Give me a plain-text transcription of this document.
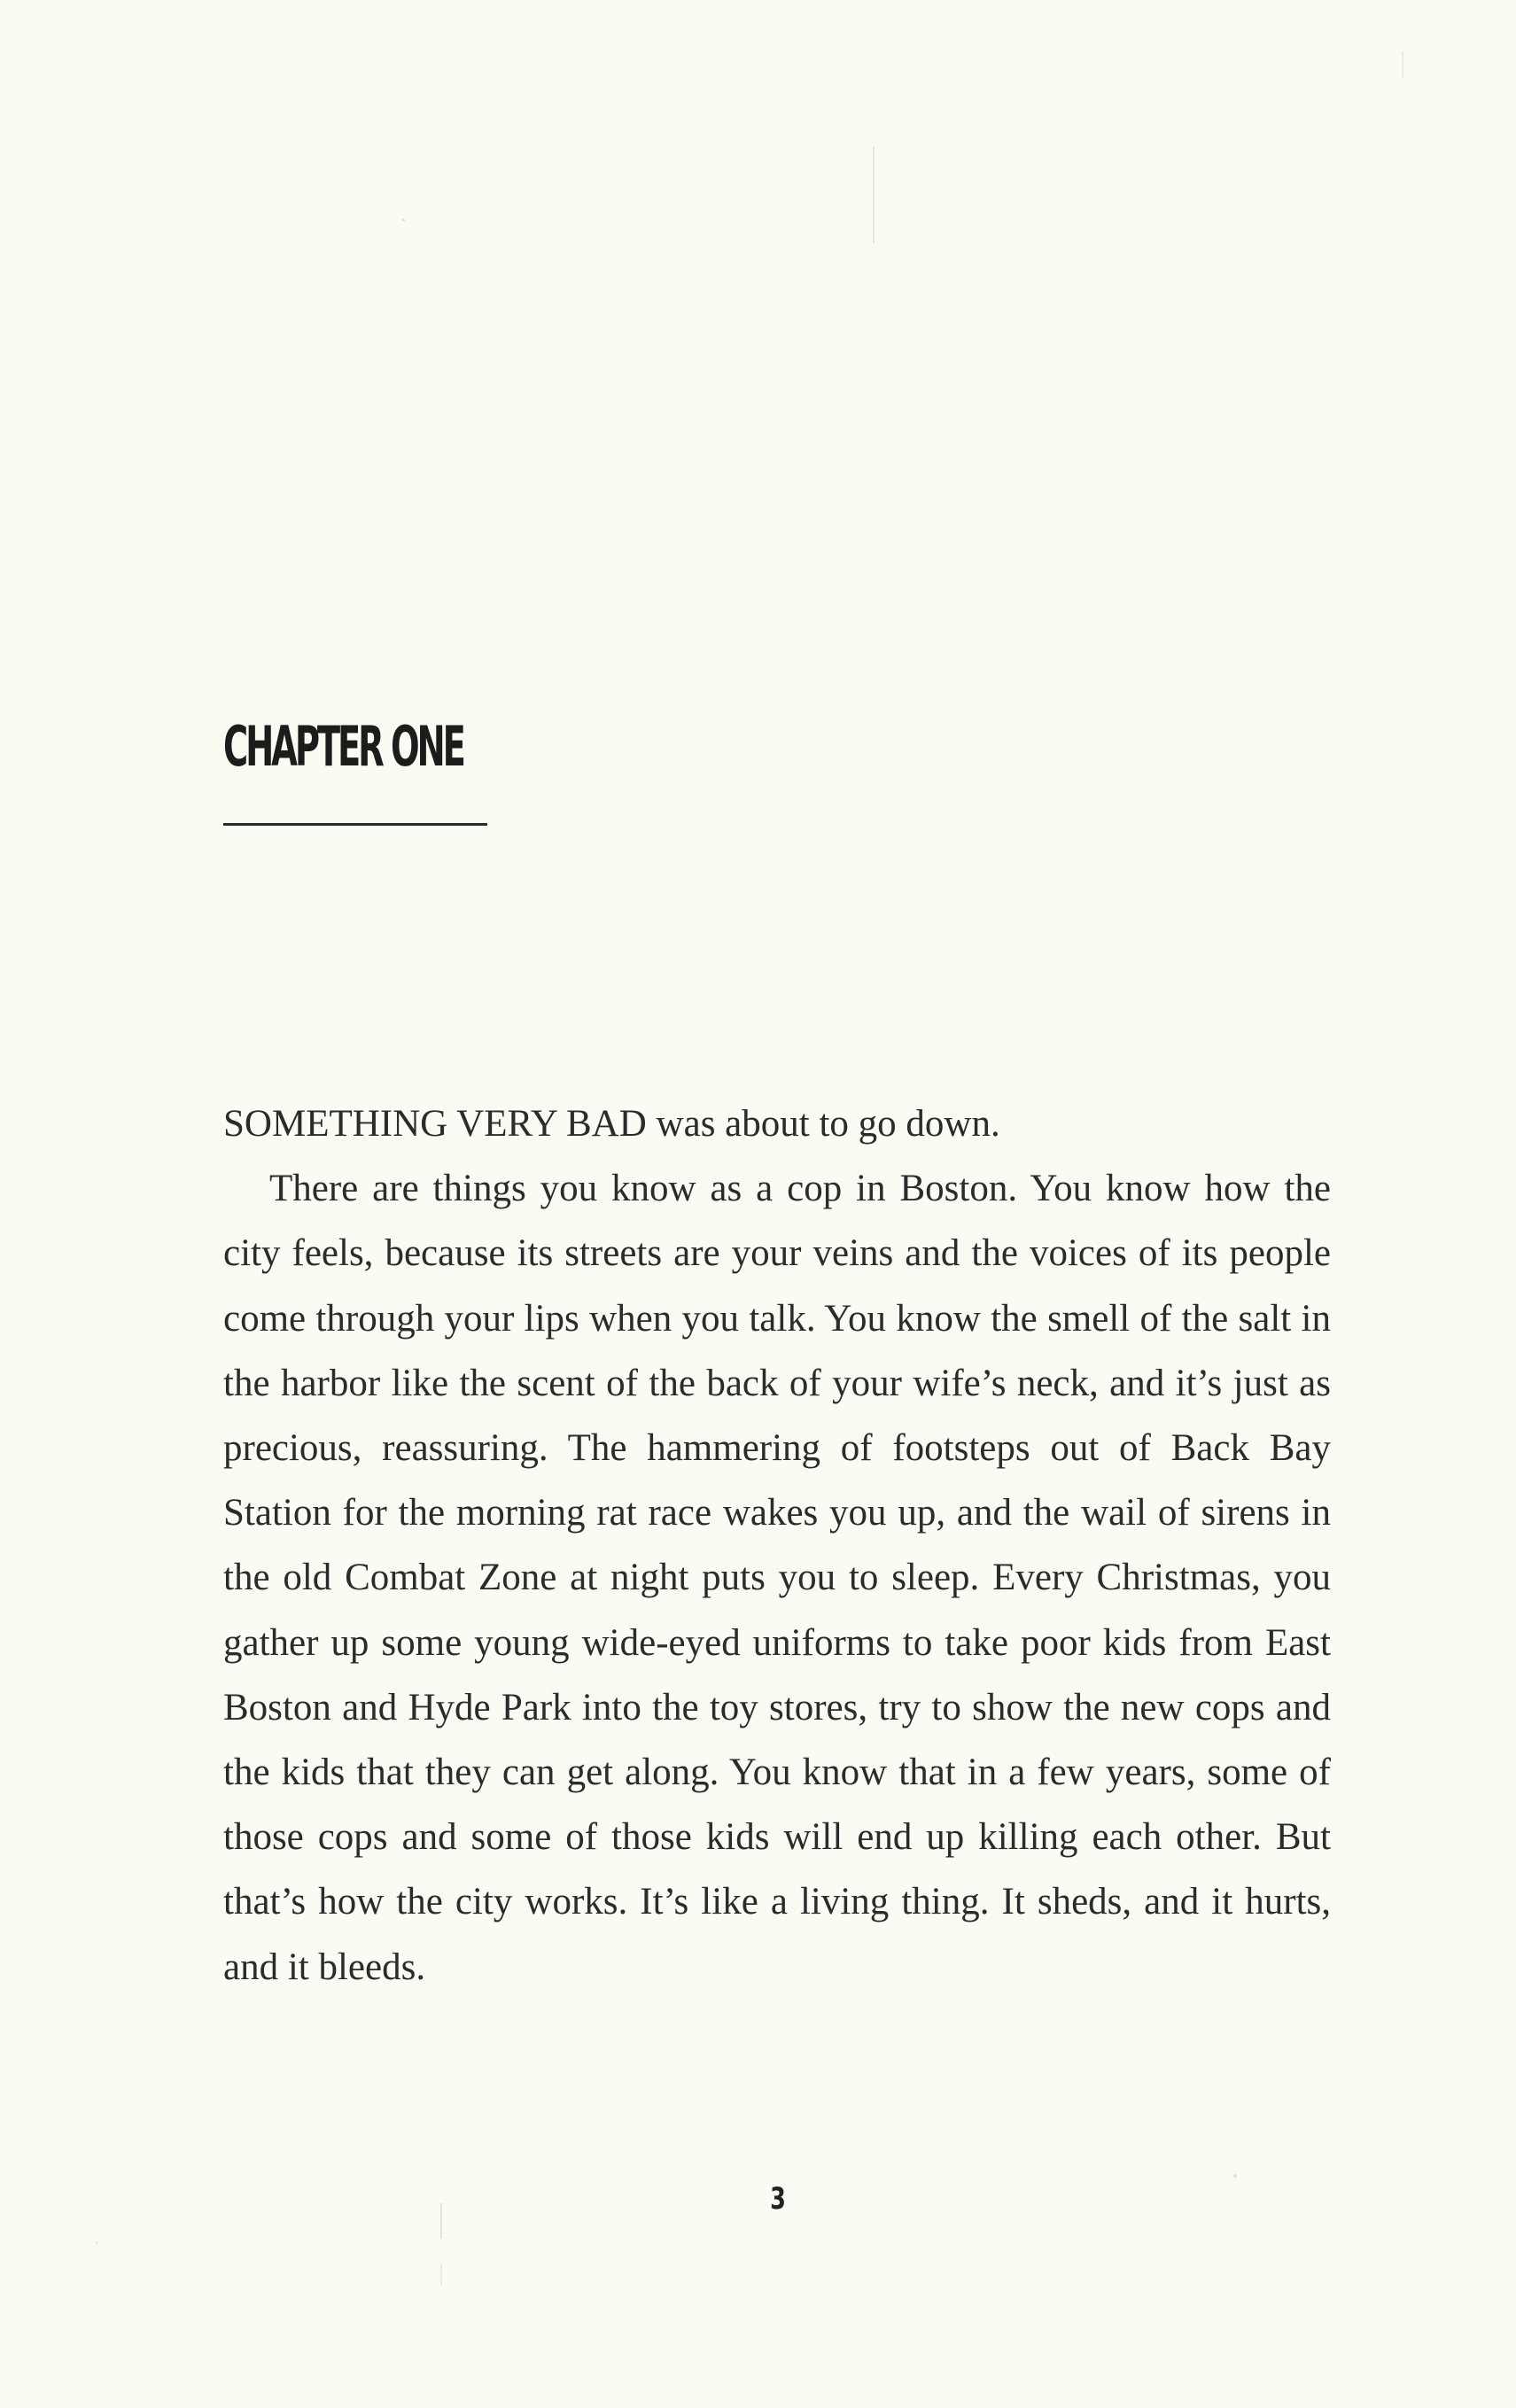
CHAPTER ONE

SOMETHING VERY BAD was about to go down.

There are things you know as a cop in Boston. You know how the city feels, because its streets are your veins and the voices of its people come through your lips when you talk. You know the smell of the salt in the harbor like the scent of the back of your wife’s neck, and it’s just as precious, reassuring. The hammering of footsteps out of Back Bay Station for the morning rat race wakes you up, and the wail of sirens in the old Combat Zone at night puts you to sleep. Every Christmas, you gather up some young wide-eyed uniforms to take poor kids from East Boston and Hyde Park into the toy stores, try to show the new cops and the kids that they can get along. You know that in a few years, some of those cops and some of those kids will end up killing each other. But that’s how the city works. It’s like a living thing. It sheds, and it hurts, and it bleeds.

3
